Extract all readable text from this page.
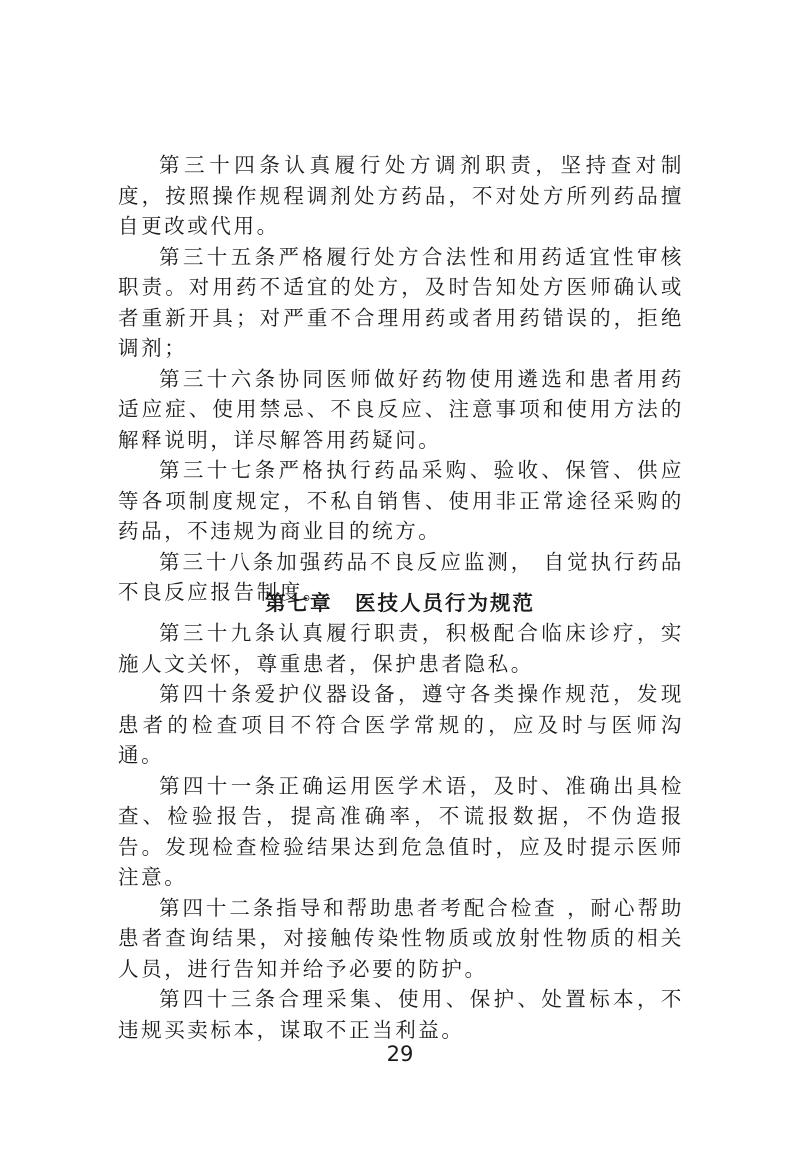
第三十四条认真履行处方调剂职责，坚持查对制度，按照操作规程调剂处方药品，不对处方所列药品擅自更改或代用。

第三十五条严格履行处方合法性和用药适宜性审核职责。对用药不适宜的处方，及时告知处方医师确认或者重新开具；对严重不合理用药或者用药错误的，拒绝调剂；

第三十六条协同医师做好药物使用遴选和患者用药适应症、使用禁忌、不良反应、注意事项和使用方法的解释说明，详尽解答用药疑问。

第三十七条严格执行药品采购、验收、保管、供应等各项制度规定，不私自销售、使用非正常途径采购的药品，不违规为商业目的统方。

第三十八条加强药品不良反应监测， 自觉执行药品不良反应报告制度。

第七章　医技人员行为规范

第三十九条认真履行职责，积极配合临床诊疗，实施人文关怀，尊重患者，保护患者隐私。

第四十条爱护仪器设备，遵守各类操作规范，发现患者的检查项目不符合医学常规的，应及时与医师沟通。

第四十一条正确运用医学术语，及时、准确出具检查、检验报告，提高准确率，不谎报数据，不伪造报告。发现检查检验结果达到危急值时，应及时提示医师注意。

第四十二条指导和帮助患者考配合检查 ，耐心帮助患者查询结果，对接触传染性物质或放射性物质的相关人员，进行告知并给予必要的防护。

第四十三条合理采集、使用、保护、处置标本，不违规买卖标本，谋取不正当利益。

29
